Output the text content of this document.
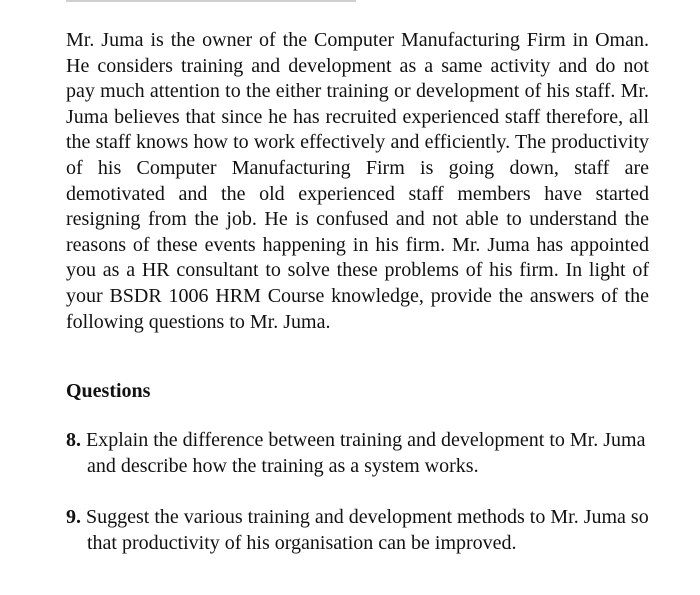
Mr. Juma is the owner of the Computer Manufacturing Firm in Oman. He considers training and development as a same activity and do not pay much attention to the either training or development of his staff. Mr. Juma believes that since he has recruited experienced staff therefore, all the staff knows how to work effectively and efficiently. The productivity of his Computer Manufacturing Firm is going down, staff are demotivated and the old experienced staff members have started resigning from the job. He is confused and not able to understand the reasons of these events happening in his firm. Mr. Juma has appointed you as a HR consultant to solve these problems of his firm. In light of your BSDR 1006 HRM Course knowledge, provide the answers of the following questions to Mr. Juma.

Questions

8. Explain the difference between training and development to Mr. Juma and describe how the training as a system works.

9. Suggest the various training and development methods to Mr. Juma so that productivity of his organisation can be improved.
